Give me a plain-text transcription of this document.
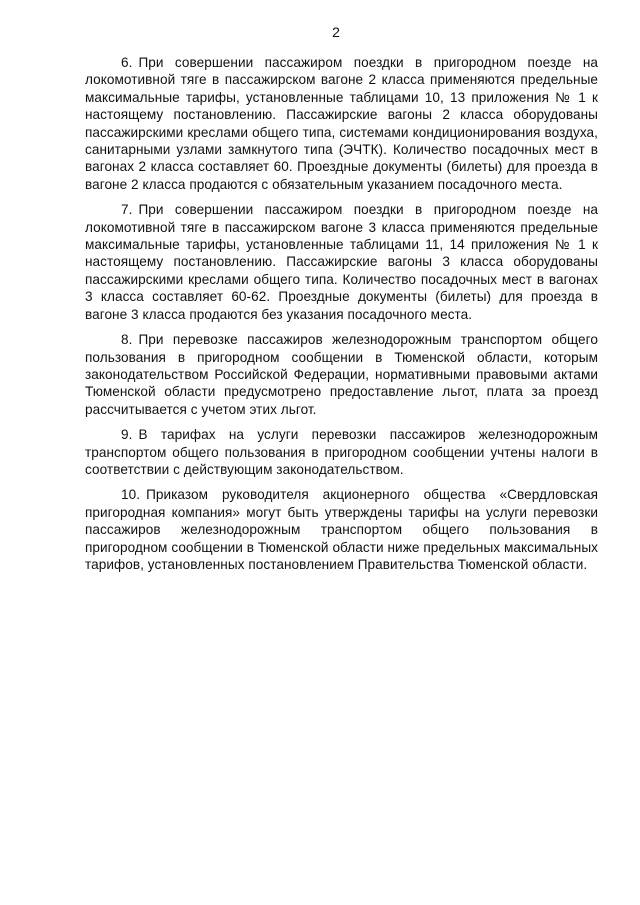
2

6. При совершении пассажиром поездки в пригородном поезде на локомотивной тяге в пассажирском вагоне 2 класса применяются предельные максимальные тарифы, установленные таблицами 10, 13 приложения № 1 к настоящему постановлению. Пассажирские вагоны 2 класса оборудованы пассажирскими креслами общего типа, системами кондиционирования воздуха, санитарными узлами замкнутого типа (ЭЧТК). Количество посадочных мест в вагонах 2 класса составляет 60. Проездные документы (билеты) для проезда в вагоне 2 класса продаются с обязательным указанием посадочного места.

7. При совершении пассажиром поездки в пригородном поезде на локомотивной тяге в пассажирском вагоне 3 класса применяются предельные максимальные тарифы, установленные таблицами 11, 14 приложения № 1 к настоящему постановлению. Пассажирские вагоны 3 класса оборудованы пассажирскими креслами общего типа. Количество посадочных мест в вагонах 3 класса составляет 60-62. Проездные документы (билеты) для проезда в вагоне 3 класса продаются без указания посадочного места.

8. При перевозке пассажиров железнодорожным транспортом общего пользования в пригородном сообщении в Тюменской области, которым законодательством Российской Федерации, нормативными правовыми актами Тюменской области предусмотрено предоставление льгот, плата за проезд рассчитывается с учетом этих льгот.

9. В тарифах на услуги перевозки пассажиров железнодорожным транспортом общего пользования в пригородном сообщении учтены налоги в соответствии с действующим законодательством.

10. Приказом руководителя акционерного общества «Свердловская пригородная компания» могут быть утверждены тарифы на услуги перевозки пассажиров железнодорожным транспортом общего пользования в пригородном сообщении в Тюменской области ниже предельных максимальных тарифов, установленных постановлением Правительства Тюменской области.
